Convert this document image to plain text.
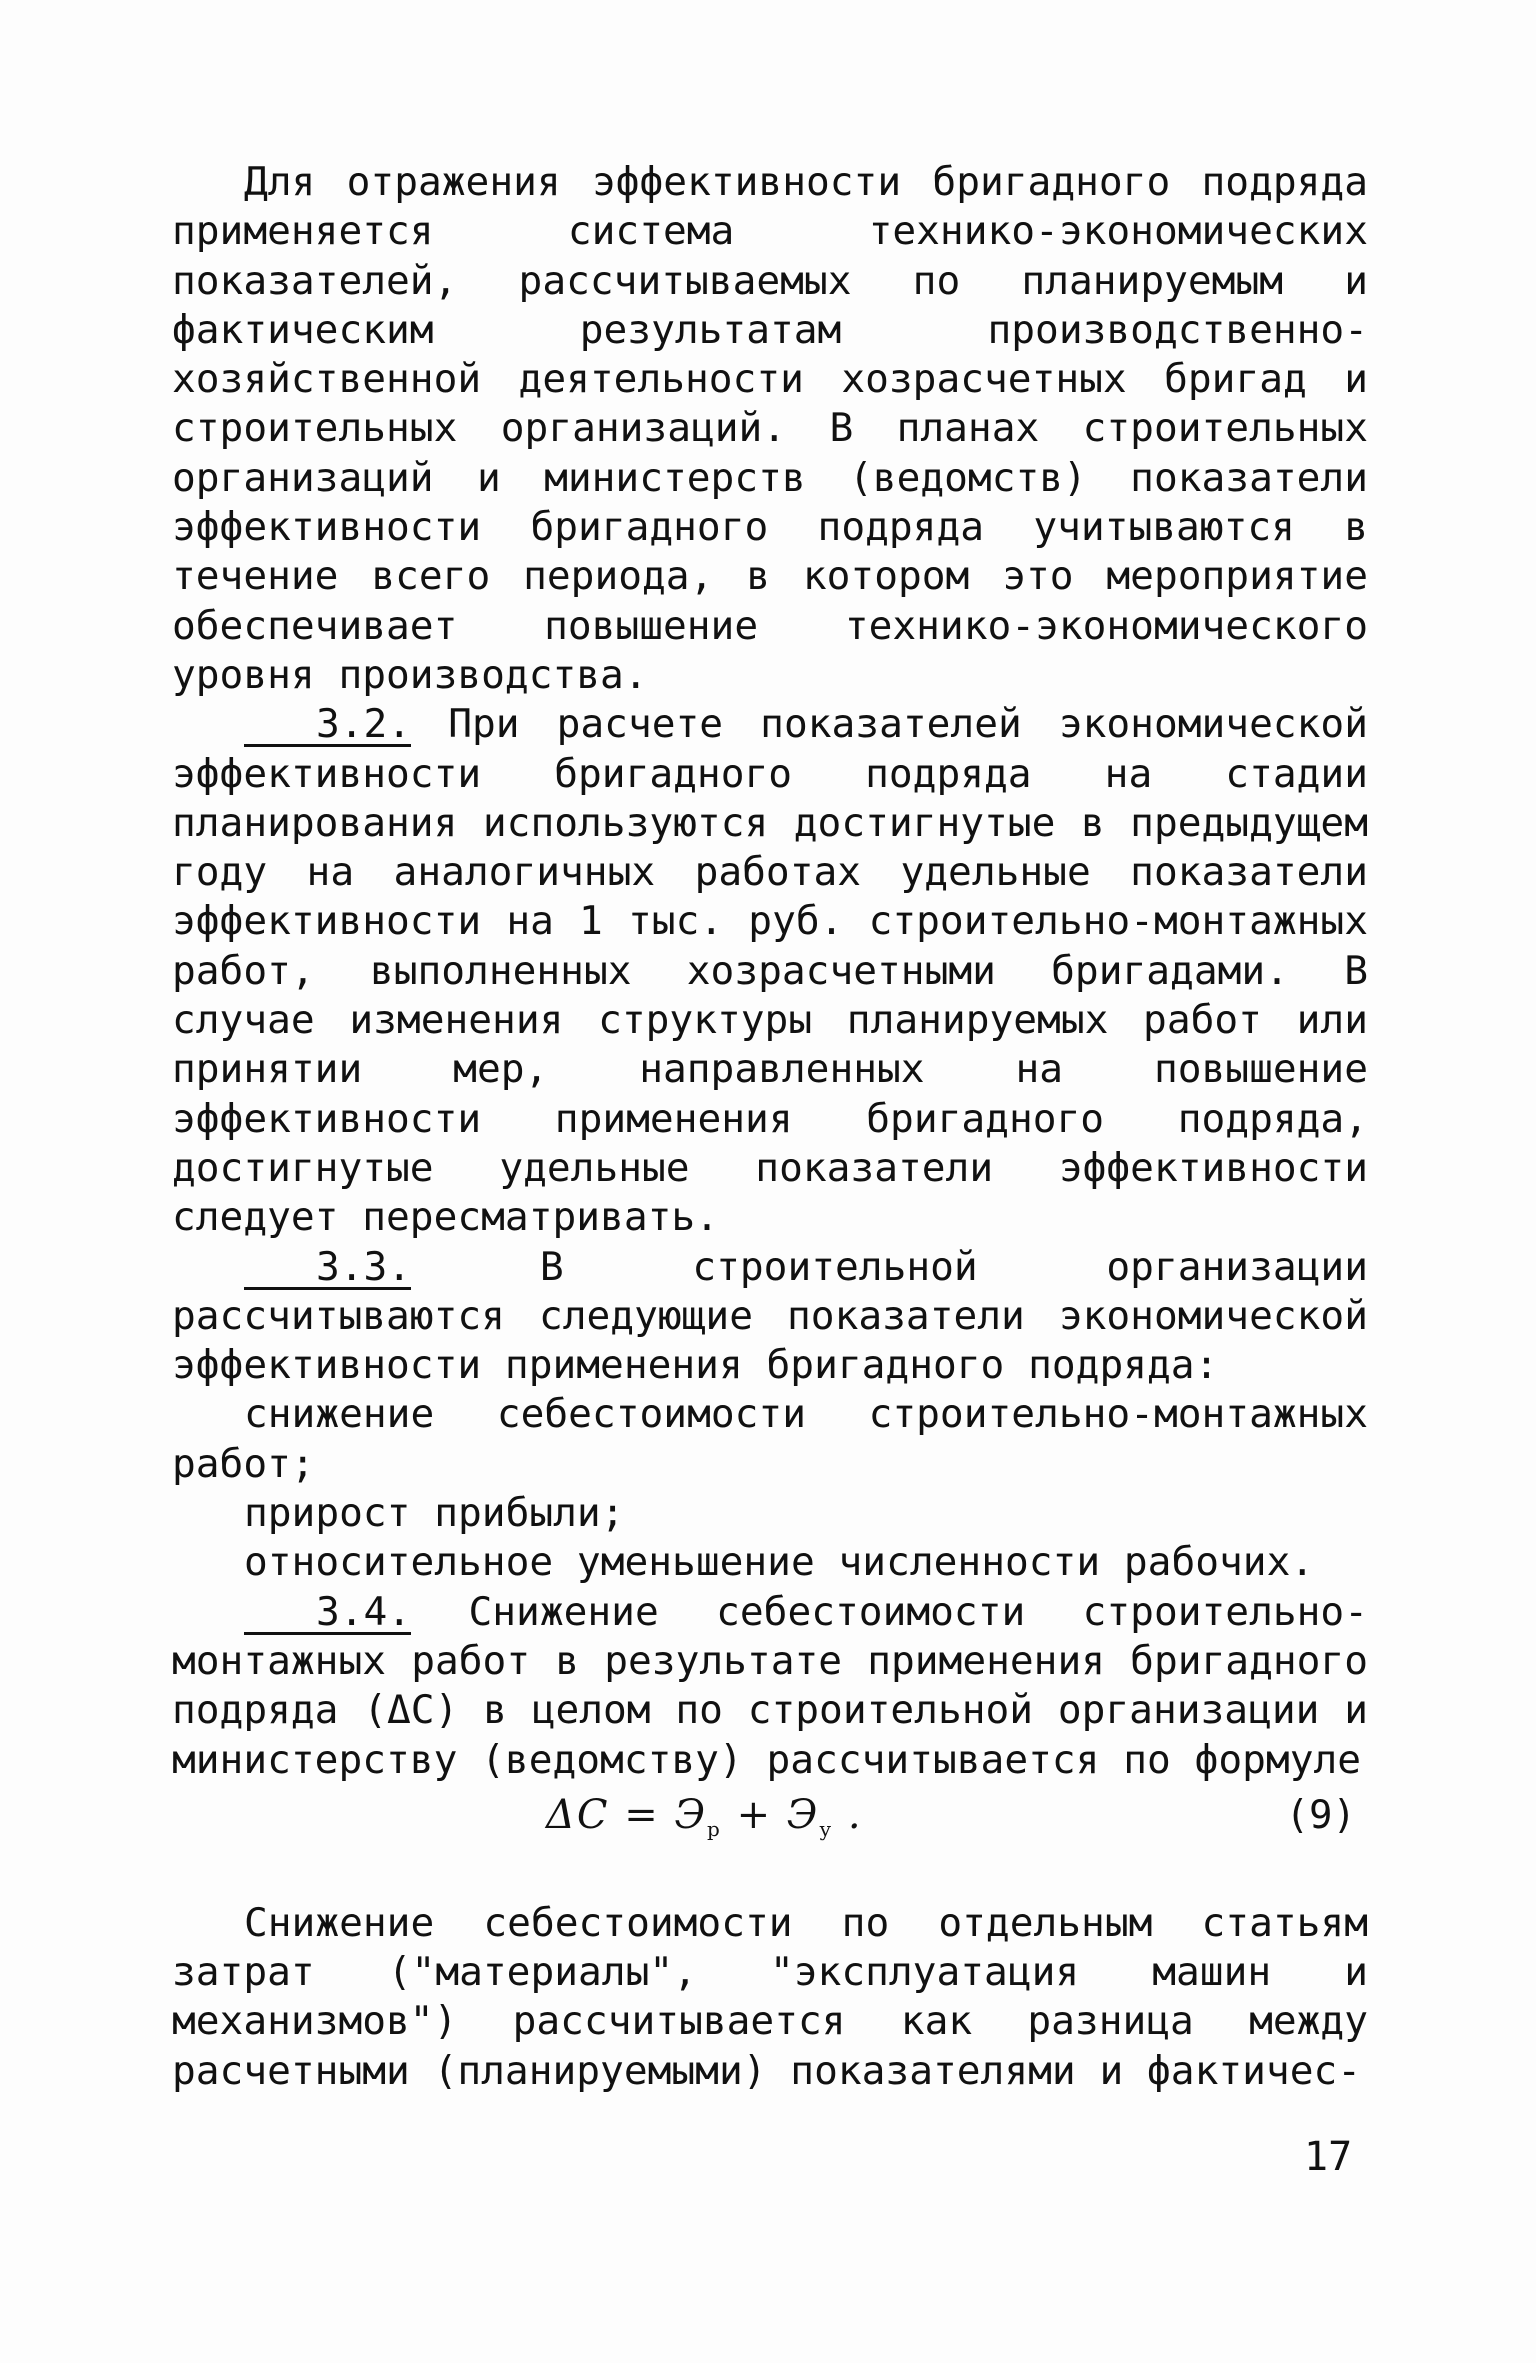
Для отражения эффективности бригадного подряда применяется система технико-экономических показателей, рассчитываемых по планируемым и фактическим результатам производственно-хозяйственной деятельности хозрасчетных бригад и строительных организаций. В планах строительных организаций и министерств (ведомств) показатели эффективности бригадного подряда учитываются в течение всего периода, в котором это мероприятие обеспечивает повышение технико-экономического уровня производства.

3.2. При расчете показателей экономической эффективности бригадного подряда на стадии планирования используются достигнутые в предыдущем году на аналогичных работах удельные показатели эффективности на 1 тыс. руб. строительно-монтажных работ, выполненных хозрасчетными бригадами. В случае изменения структуры планируемых работ или принятии мер, направленных на повышение эффективности применения бригадного подряда, достигнутые удельные показатели эффективности следует пересматривать.

3.3. В строительной организации рассчитываются следующие показатели экономической эффективности применения бригадного подряда:

снижение себестоимости строительно-монтажных работ;

прирост прибыли;

относительное уменьшение численности рабочих.

3.4. Снижение себестоимости строительно-монтажных работ в результате применения бригадного подряда (ΔC) в целом по строительной организации и министерству (ведомству) рассчитывается по формуле

$\Delta C = Э_р + Э_у$ .	(9)

Снижение себестоимости по отдельным статьям затрат ("материалы", "эксплуатация машин и механизмов") рассчитывается как разница между расчетными (планируемыми) показателями и фактичес-

17
